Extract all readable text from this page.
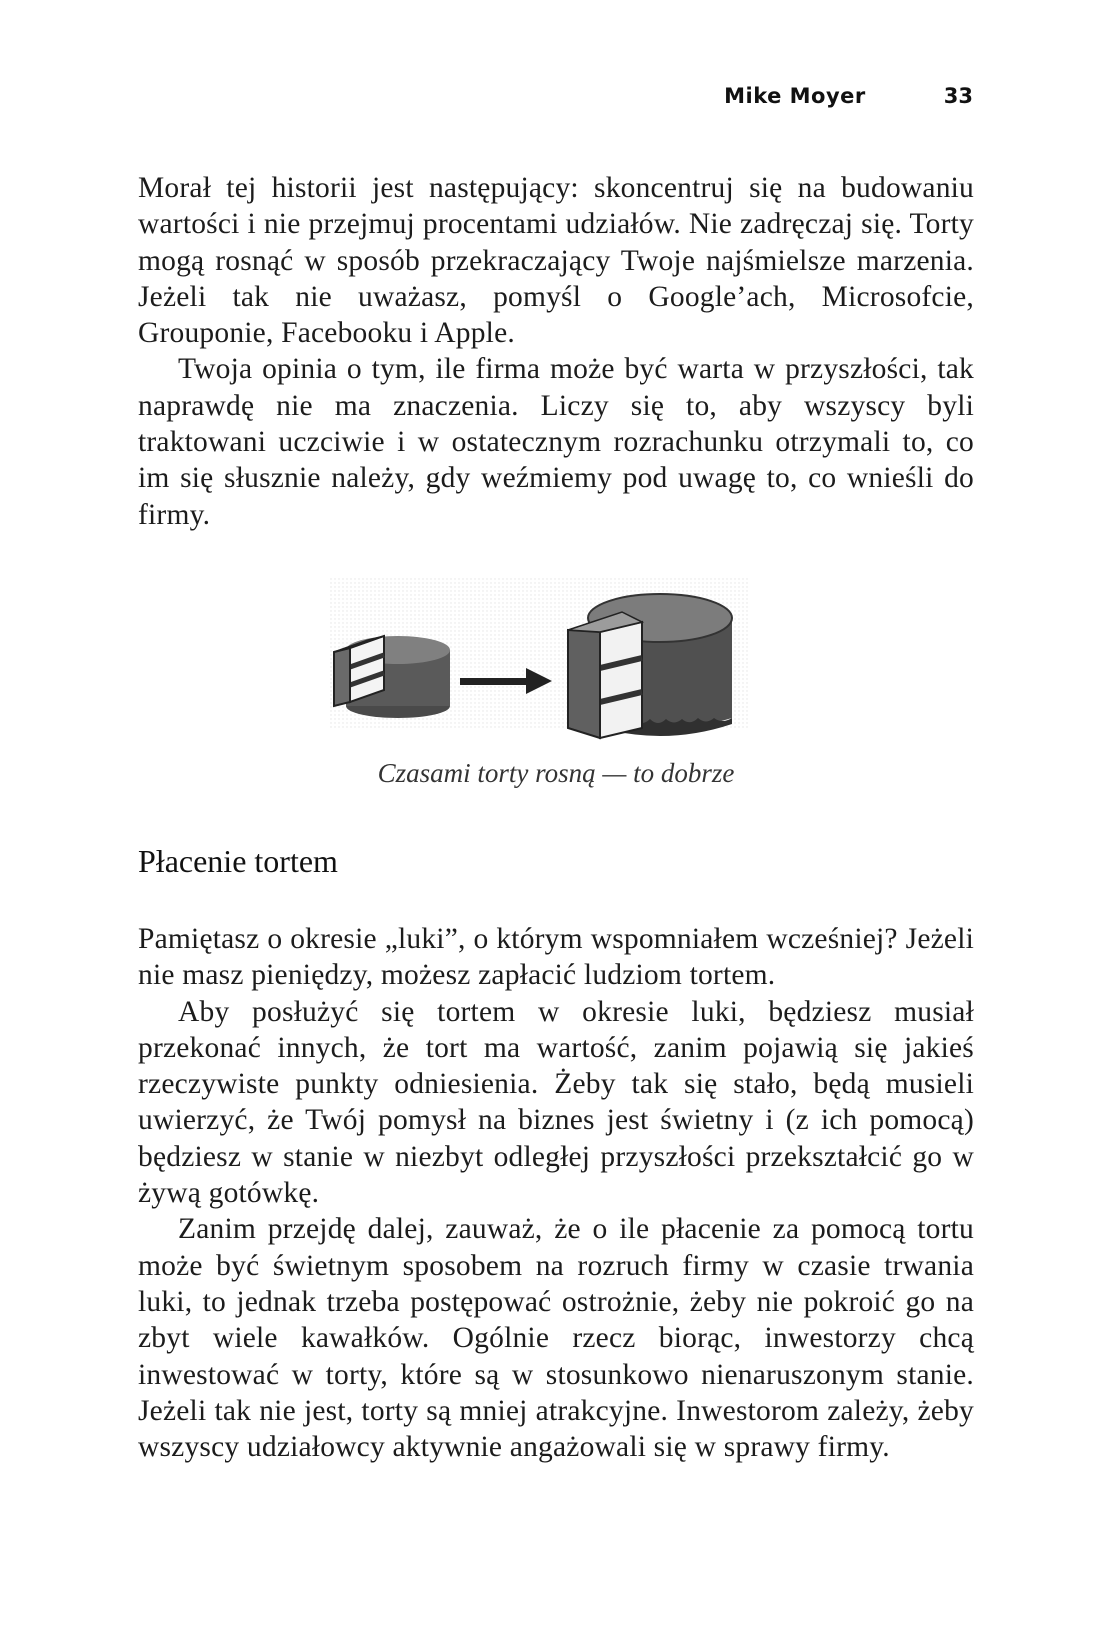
Mike Moyer	33

Morał tej historii jest następujący: skoncentruj się na budowaniu wartości i nie przejmuj procentami udziałów. Nie zadręczaj się. Torty mogą rosnąć w sposób przekraczający Twoje najśmielsze marzenia. Jeżeli tak nie uważasz, pomyśl o Google’ach, Microsofcie, Grouponie, Facebooku i Apple.

Twoja opinia o tym, ile firma może być warta w przyszłości, tak naprawdę nie ma znaczenia. Liczy się to, aby wszyscy byli traktowani uczciwie i w ostatecznym rozrachunku otrzymali to, co im się słusznie należy, gdy weźmiemy pod uwagę to, co wnieśli do firmy.

Czasami torty rosną — to dobrze
Płacenie tortem

Pamiętasz o okresie „luki”, o którym wspomniałem wcześniej? Jeżeli nie masz pieniędzy, możesz zapłacić ludziom tortem.

Aby posłużyć się tortem w okresie luki, będziesz musiał przekonać innych, że tort ma wartość, zanim pojawią się jakieś rzeczywiste punkty odniesienia. Żeby tak się stało, będą musieli uwierzyć, że Twój pomysł na biznes jest świetny i (z ich pomocą) będziesz w stanie w niezbyt odległej przyszłości przekształcić go w żywą gotówkę.

Zanim przejdę dalej, zauważ, że o ile płacenie za pomocą tortu może być świetnym sposobem na rozruch firmy w czasie trwania luki, to jednak trzeba postępować ostrożnie, żeby nie pokroić go na zbyt wiele kawałków. Ogólnie rzecz biorąc, inwestorzy chcą inwestować w torty, które są w stosunkowo nienaruszonym stanie. Jeżeli tak nie jest, torty są mniej atrakcyjne. Inwestorom zależy, żeby wszyscy udziałowcy aktywnie angażowali się w sprawy firmy.
